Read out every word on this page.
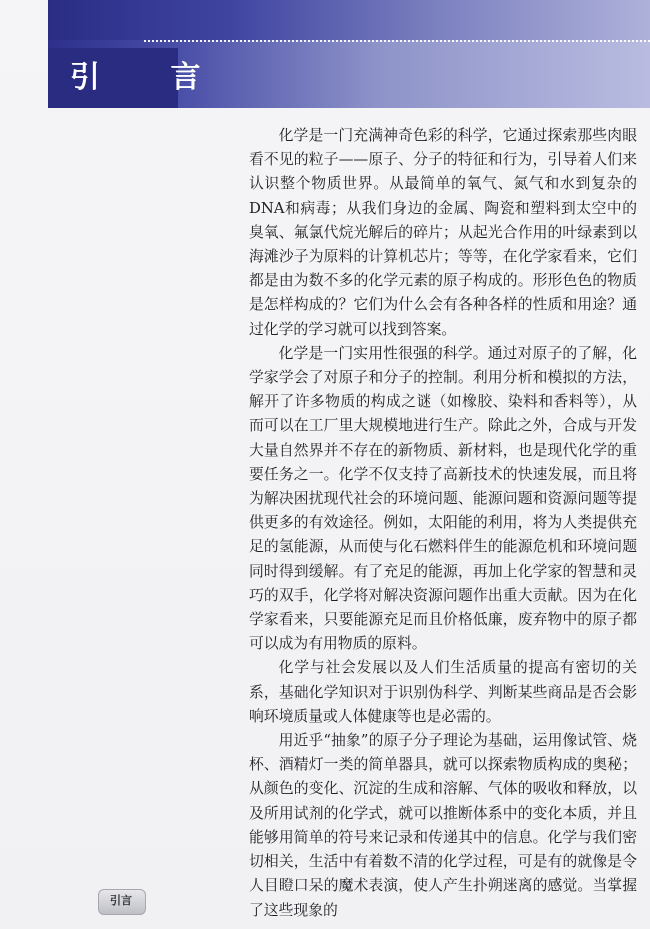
引 言

化学是一门充满神奇色彩的科学，它通过探索那些肉眼看不见的粒子——原子、分子的特征和行为，引导着人们来认识整个物质世界。从最简单的氧气、氮气和水到复杂的DNA和病毒；从我们身边的金属、陶瓷和塑料到太空中的臭氧、氟氯代烷光解后的碎片；从起光合作用的叶绿素到以海滩沙子为原料的计算机芯片；等等，在化学家看来，它们都是由为数不多的化学元素的原子构成的。形形色色的物质是怎样构成的？它们为什么会有各种各样的性质和用途？通过化学的学习就可以找到答案。

化学是一门实用性很强的科学。通过对原子的了解，化学家学会了对原子和分子的控制。利用分析和模拟的方法，解开了许多物质的构成之谜（如橡胶、染料和香料等），从而可以在工厂里大规模地进行生产。除此之外，合成与开发大量自然界并不存在的新物质、新材料，也是现代化学的重要任务之一。化学不仅支持了高新技术的快速发展，而且将为解决困扰现代社会的环境问题、能源问题和资源问题等提供更多的有效途径。例如，太阳能的利用，将为人类提供充足的氢能源，从而使与化石燃料伴生的能源危机和环境问题同时得到缓解。有了充足的能源，再加上化学家的智慧和灵巧的双手，化学将对解决资源问题作出重大贡献。因为在化学家看来，只要能源充足而且价格低廉，废弃物中的原子都可以成为有用物质的原料。

化学与社会发展以及人们生活质量的提高有密切的关系，基础化学知识对于识别伪科学、判断某些商品是否会影响环境质量或人体健康等也是必需的。

用近乎“抽象”的原子分子理论为基础，运用像试管、烧杯、酒精灯一类的简单器具，就可以探索物质构成的奥秘；从颜色的变化、沉淀的生成和溶解、气体的吸收和释放，以及所用试剂的化学式，就可以推断体系中的变化本质，并且能够用简单的符号来记录和传递其中的信息。化学与我们密切相关，生活中有着数不清的化学过程，可是有的就像是令人目瞪口呆的魔术表演，使人产生扑朔迷离的感觉。当掌握了这些现象的

引言
